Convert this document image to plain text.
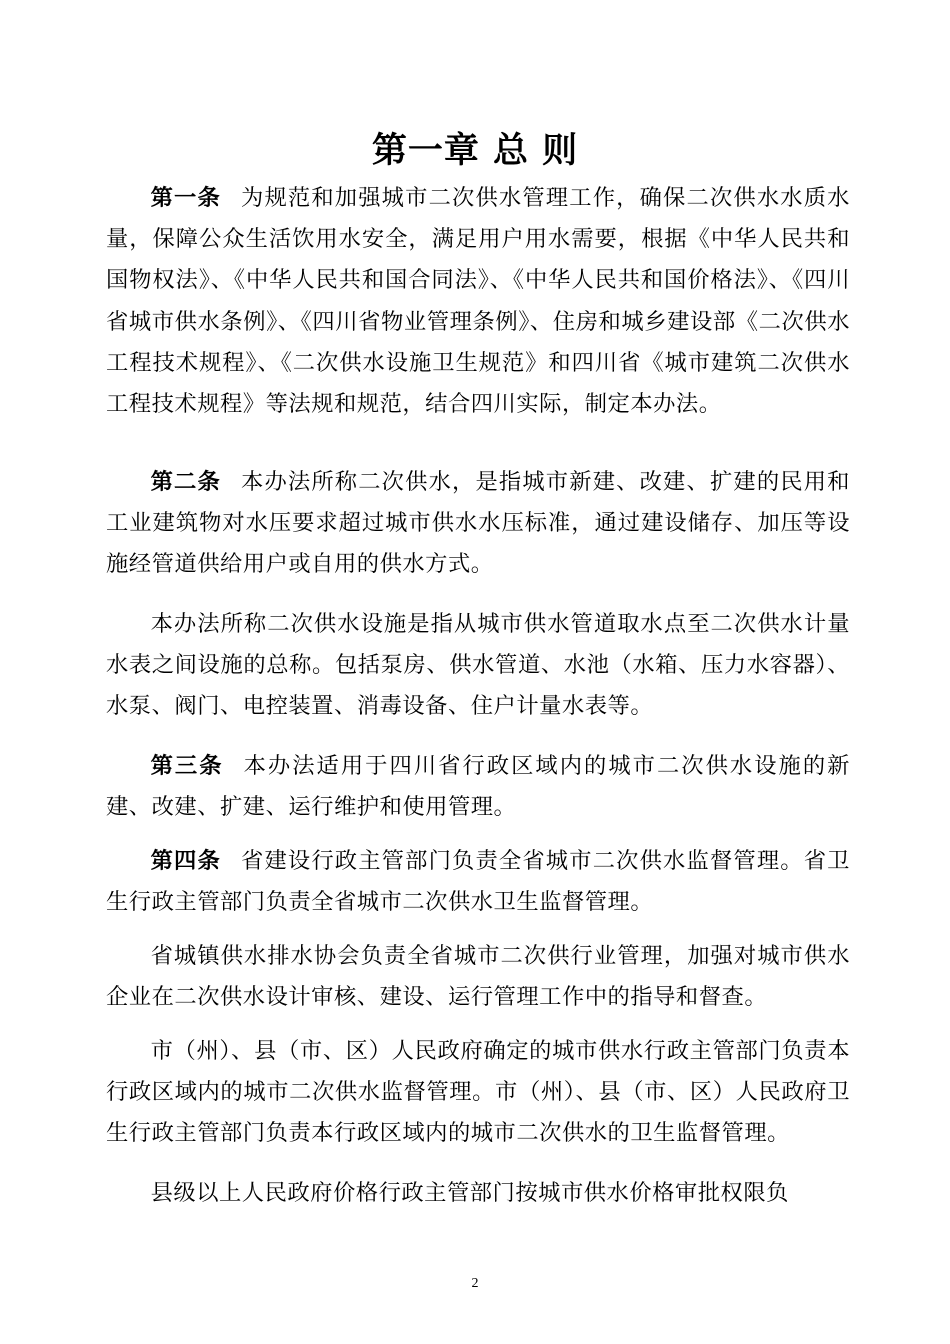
第一章 总 则
第一条 为规范和加强城市二次供水管理工作，确保二次供水水质水量，保障公众生活饮用水安全，满足用户用水需要，根据《中华人民共和国物权法》、《中华人民共和国合同法》、《中华人民共和国价格法》、《四川省城市供水条例》、《四川省物业管理条例》、住房和城乡建设部《二次供水工程技术规程》、《二次供水设施卫生规范》和四川省《城市建筑二次供水工程技术规程》等法规和规范，结合四川实际，制定本办法。
第二条 本办法所称二次供水，是指城市新建、改建、扩建的民用和工业建筑物对水压要求超过城市供水水压标准，通过建设储存、加压等设施经管道供给用户或自用的供水方式。
本办法所称二次供水设施是指从城市供水管道取水点至二次供水计量水表之间设施的总称。包括泵房、供水管道、水池（水箱、压力水容器）、水泵、阀门、电控装置、消毒设备、住户计量水表等。
第三条 本办法适用于四川省行政区域内的城市二次供水设施的新建、改建、扩建、运行维护和使用管理。
第四条 省建设行政主管部门负责全省城市二次供水监督管理。省卫生行政主管部门负责全省城市二次供水卫生监督管理。
省城镇供水排水协会负责全省城市二次供行业管理，加强对城市供水企业在二次供水设计审核、建设、运行管理工作中的指导和督查。
市（州）、县（市、区）人民政府确定的城市供水行政主管部门负责本行政区域内的城市二次供水监督管理。市（州）、县（市、区）人民政府卫生行政主管部门负责本行政区域内的城市二次供水的卫生监督管理。
县级以上人民政府价格行政主管部门按城市供水价格审批权限负
2
